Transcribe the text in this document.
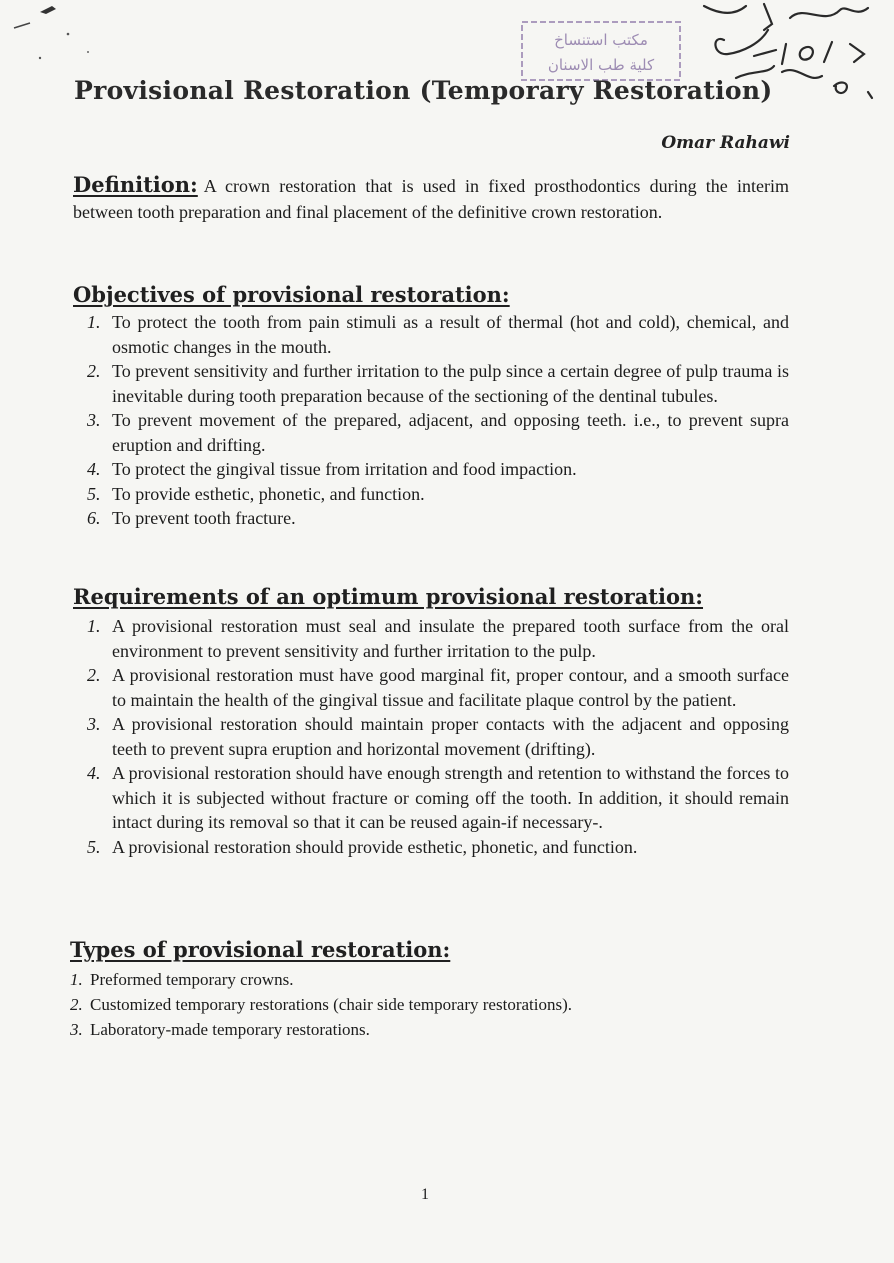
مكتب استنساخ
كلية طب الاسنان
Provisional Restoration (Temporary Restoration)
Omar Rahawi
Definition: A crown restoration that is used in fixed prosthodontics during the interim between tooth preparation and final placement of the definitive crown restoration.
Objectives of provisional restoration:
1. To protect the tooth from pain stimuli as a result of thermal (hot and cold), chemical, and osmotic changes in the mouth.
2. To prevent sensitivity and further irritation to the pulp since a certain degree of pulp trauma is inevitable during tooth preparation because of the sectioning of the dentinal tubules.
3. To prevent movement of the prepared, adjacent, and opposing teeth. i.e., to prevent supra eruption and drifting.
4. To protect the gingival tissue from irritation and food impaction.
5. To provide esthetic, phonetic, and function.
6. To prevent tooth fracture.
Requirements of an optimum provisional restoration:
1. A provisional restoration must seal and insulate the prepared tooth surface from the oral environment to prevent sensitivity and further irritation to the pulp.
2. A provisional restoration must have good marginal fit, proper contour, and a smooth surface to maintain the health of the gingival tissue and facilitate plaque control by the patient.
3. A provisional restoration should maintain proper contacts with the adjacent and opposing teeth to prevent supra eruption and horizontal movement (drifting).
4. A provisional restoration should have enough strength and retention to withstand the forces to which it is subjected without fracture or coming off the tooth. In addition, it should remain intact during its removal so that it can be reused again-if necessary-.
5. A provisional restoration should provide esthetic, phonetic, and function.
Types of provisional restoration:
1. Preformed temporary crowns.
2. Customized temporary restorations (chair side temporary restorations).
3. Laboratory-made temporary restorations.
1
